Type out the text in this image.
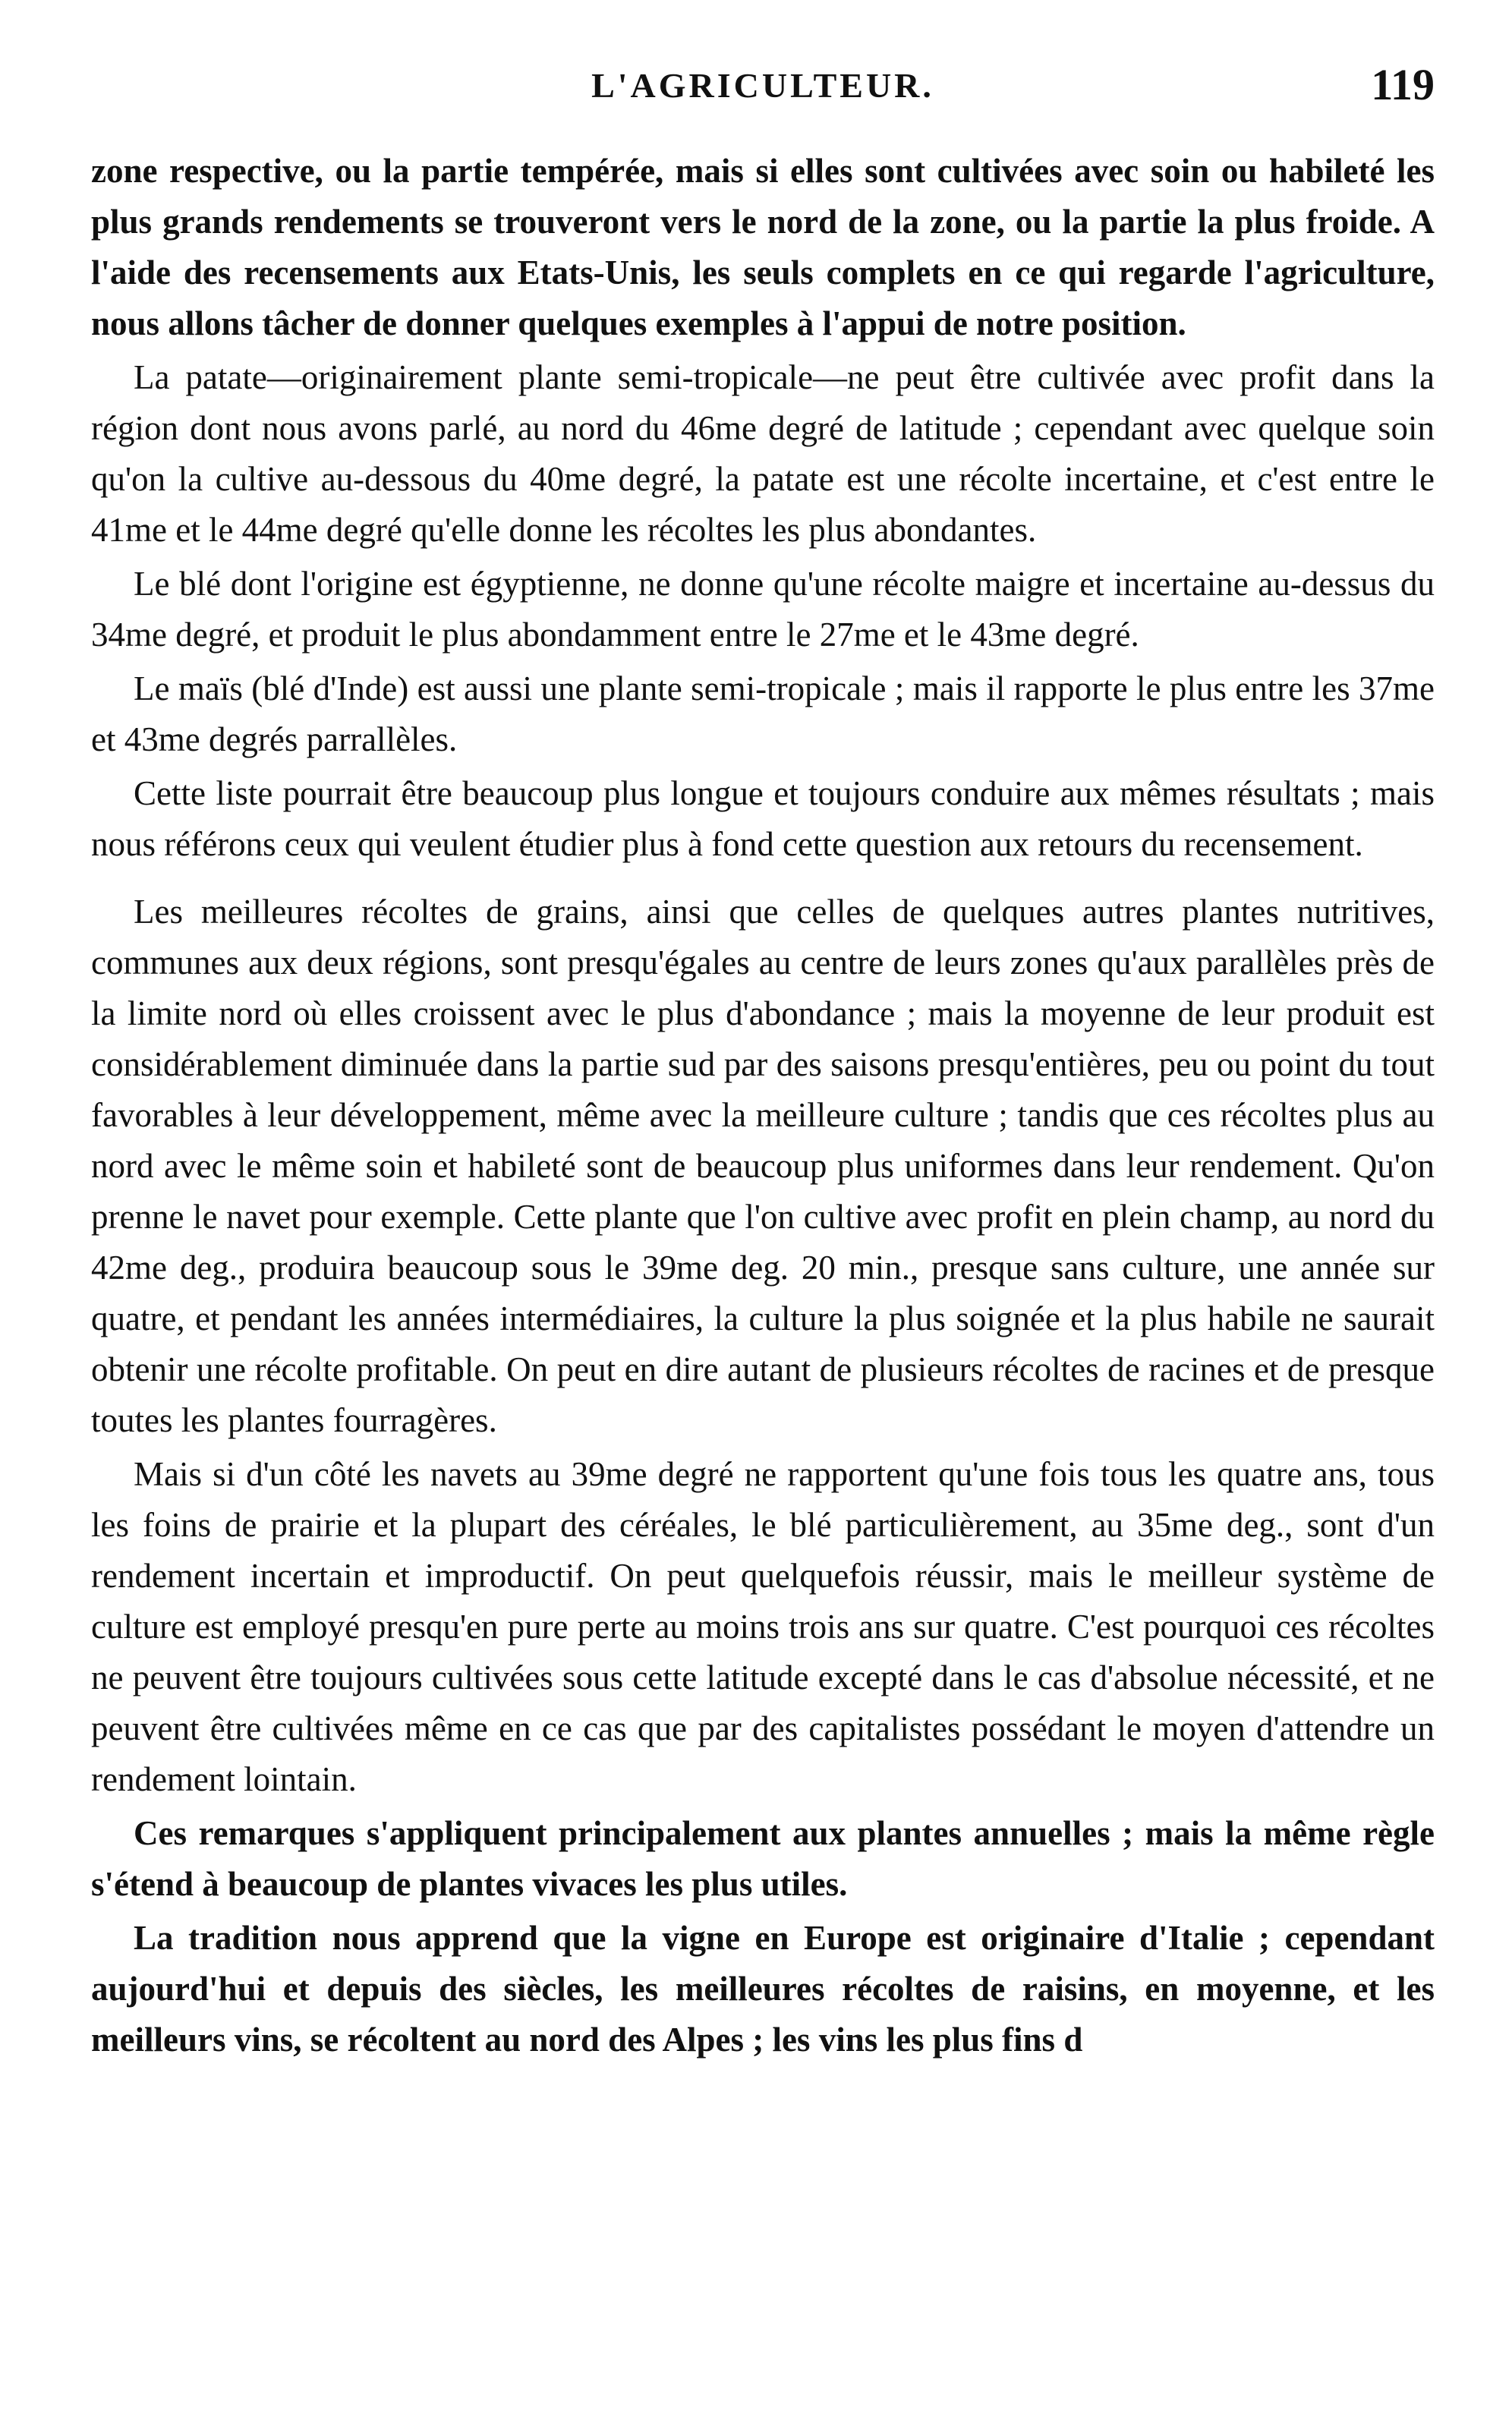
L'AGRICULTEUR.	119

zone respective, ou la partie tempérée, mais si elles sont cultivées avec soin ou habileté les plus grands rendements se trouveront vers le nord de la zone, ou la partie la plus froide. A l'aide des recensements aux Etats-Unis, les seuls complets en ce qui regarde l'agriculture, nous allons tâcher de donner quelques exemples à l'appui de notre position.

La patate—originairement plante semi-tropicale—ne peut être cultivée avec profit dans la région dont nous avons parlé, au nord du 46me degré de latitude ; cependant avec quelque soin qu'on la cultive au-dessous du 40me degré, la patate est une récolte incertaine, et c'est entre le 41me et le 44me degré qu'elle donne les récoltes les plus abondantes.

Le blé dont l'origine est égyptienne, ne donne qu'une récolte maigre et incertaine au-dessus du 34me degré, et produit le plus abondamment entre le 27me et le 43me degré.

Le maïs (blé d'Inde) est aussi une plante semi-tropicale ; mais il rapporte le plus entre les 37me et 43me degrés parrallèles.

Cette liste pourrait être beaucoup plus longue et toujours conduire aux mêmes résultats ; mais nous référons ceux qui veulent étudier plus à fond cette question aux retours du recensement.

Les meilleures récoltes de grains, ainsi que celles de quelques autres plantes nutritives, communes aux deux régions, sont presqu'égales au centre de leurs zones qu'aux parallèles près de la limite nord où elles croissent avec le plus d'abondance ; mais la moyenne de leur produit est considérablement diminuée dans la partie sud par des saisons presqu'entières, peu ou point du tout favorables à leur développement, même avec la meilleure culture ; tandis que ces récoltes plus au nord avec le même soin et habileté sont de beaucoup plus uniformes dans leur rendement. Qu'on prenne le navet pour exemple. Cette plante que l'on cultive avec profit en plein champ, au nord du 42me deg., produira beaucoup sous le 39me deg. 20 min., presque sans culture, une année sur quatre, et pendant les années intermédiaires, la culture la plus soignée et la plus habile ne saurait obtenir une récolte profitable. On peut en dire autant de plusieurs récoltes de racines et de presque toutes les plantes fourragères.

Mais si d'un côté les navets au 39me degré ne rapportent qu'une fois tous les quatre ans, tous les foins de prairie et la plupart des céréales, le blé particulièrement, au 35me deg., sont d'un rendement incertain et improductif. On peut quelquefois réussir, mais le meilleur système de culture est employé presqu'en pure perte au moins trois ans sur quatre. C'est pourquoi ces récoltes ne peuvent être toujours cultivées sous cette latitude excepté dans le cas d'absolue nécessité, et ne peuvent être cultivées même en ce cas que par des capitalistes possédant le moyen d'attendre un rendement lointain.

Ces remarques s'appliquent principalement aux plantes annuelles ; mais la même règle s'étend à beaucoup de plantes vivaces les plus utiles.

La tradition nous apprend que la vigne en Europe est originaire d'Italie ; cependant aujourd'hui et depuis des siècles, les meilleures récoltes de raisins, en moyenne, et les meilleurs vins, se récoltent au nord des Alpes ; les vins les plus fins d
